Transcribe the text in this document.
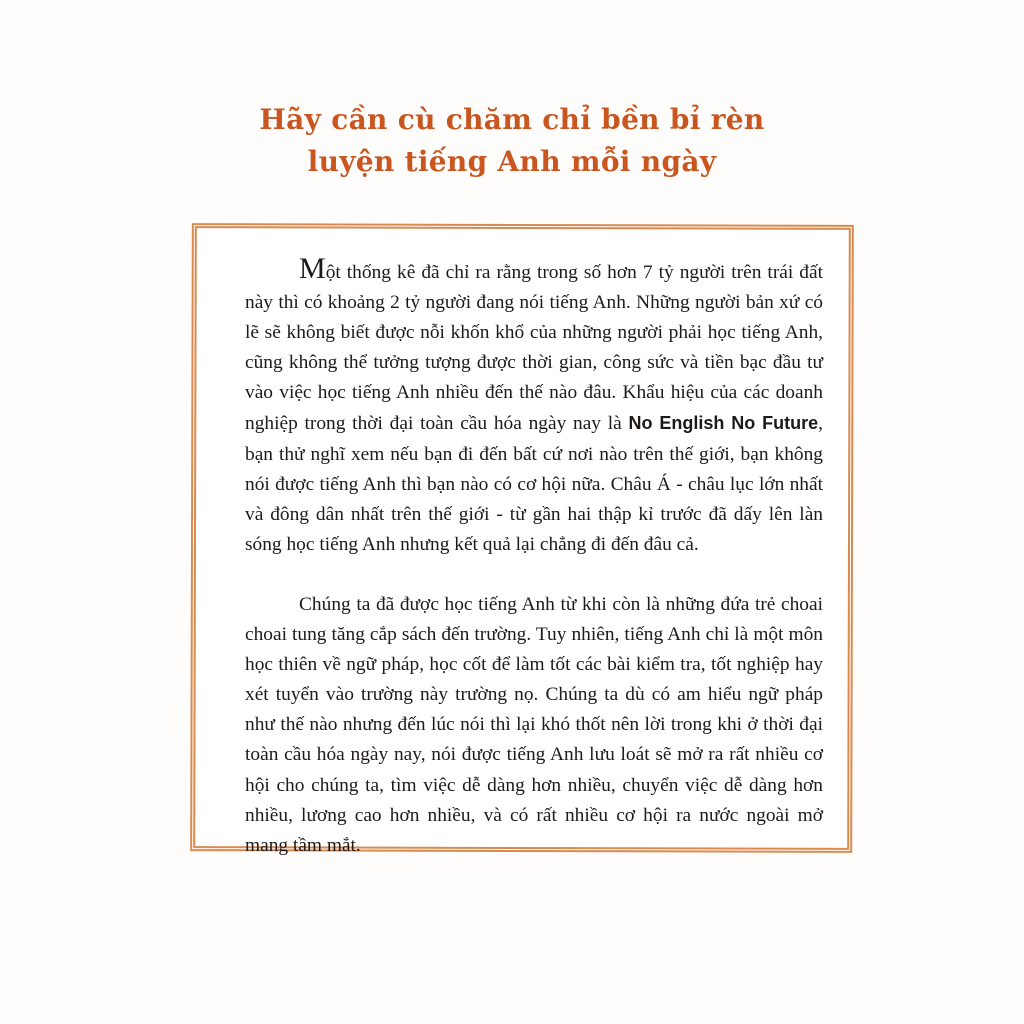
Hãy cần cù chăm chỉ bền bỉ rèn
luyện tiếng Anh mỗi ngày

Một thống kê đã chỉ ra rằng trong số hơn 7 tỷ người trên trái đất này thì có khoảng 2 tỷ người đang nói tiếng Anh. Những người bản xứ có lẽ sẽ không biết được nỗi khốn khổ của những người phải học tiếng Anh, cũng không thể tưởng tượng được thời gian, công sức và tiền bạc đầu tư vào việc học tiếng Anh nhiều đến thế nào đâu. Khẩu hiệu của các doanh nghiệp trong thời đại toàn cầu hóa ngày nay là No English No Future, bạn thử nghĩ xem nếu bạn đi đến bất cứ nơi nào trên thế giới, bạn không nói được tiếng Anh thì bạn nào có cơ hội nữa. Châu Á - châu lục lớn nhất và đông dân nhất trên thế giới - từ gần hai thập kỉ trước đã dấy lên làn sóng học tiếng Anh nhưng kết quả lại chẳng đi đến đâu cả.

Chúng ta đã được học tiếng Anh từ khi còn là những đứa trẻ choai choai tung tăng cắp sách đến trường. Tuy nhiên, tiếng Anh chỉ là một môn học thiên về ngữ pháp, học cốt để làm tốt các bài kiểm tra, tốt nghiệp hay xét tuyển vào trường này trường nọ. Chúng ta dù có am hiểu ngữ pháp như thế nào nhưng đến lúc nói thì lại khó thốt nên lời trong khi ở thời đại toàn cầu hóa ngày nay, nói được tiếng Anh lưu loát sẽ mở ra rất nhiều cơ hội cho chúng ta, tìm việc dễ dàng hơn nhiều, chuyển việc dễ dàng hơn nhiều, lương cao hơn nhiều, và có rất nhiều cơ hội ra nước ngoài mở mang tầm mắt.
